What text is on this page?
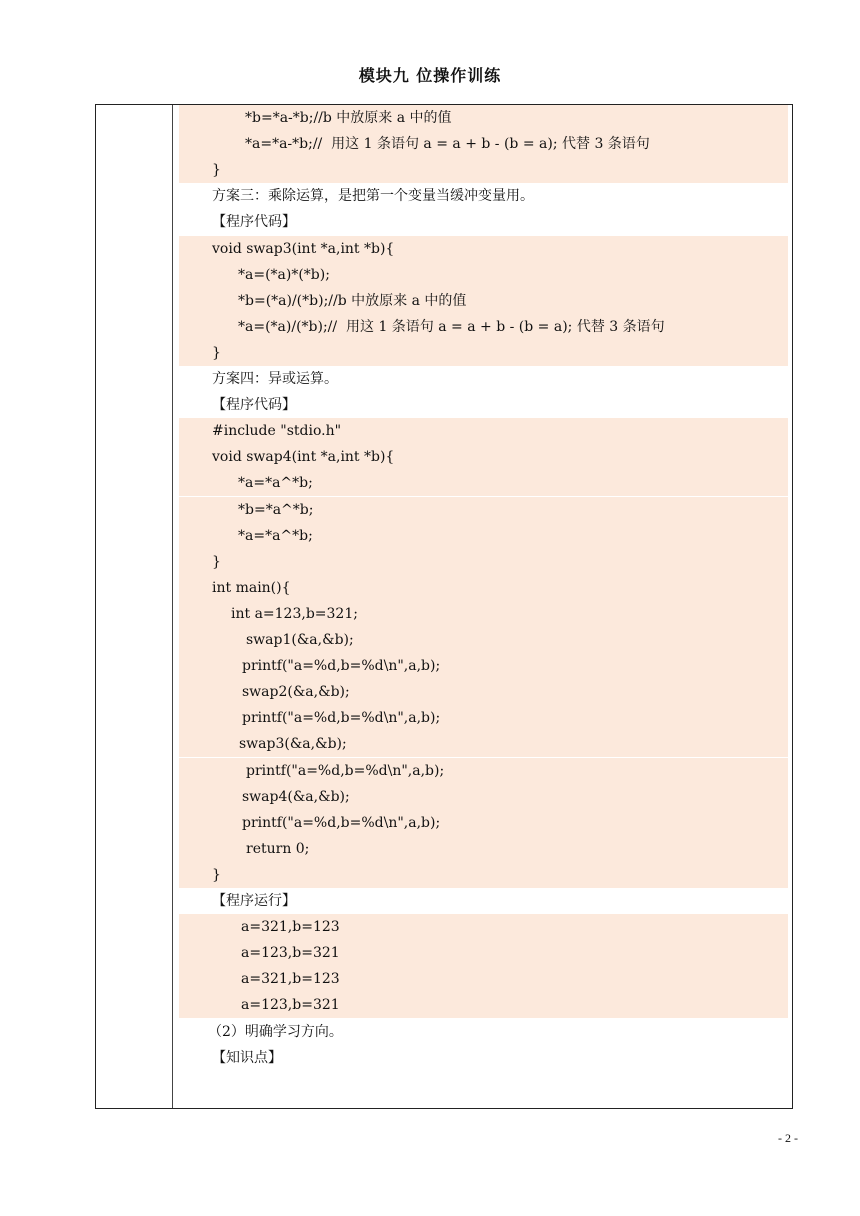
模块九 位操作训练
*b=*a-*b;//b 中放原来 a 中的值
*a=*a-*b;//  用这 1 条语句 a = a + b - (b = a); 代替 3 条语句
}
方案三：乘除运算，是把第一个变量当缓冲变量用。
【程序代码】
void swap3(int *a,int *b){
*a=(*a)*(*b);
*b=(*a)/(*b);//b 中放原来 a 中的值
*a=(*a)/(*b);//  用这 1 条语句 a = a + b - (b = a); 代替 3 条语句
}
方案四：异或运算。
【程序代码】
#include "stdio.h"
void swap4(int *a,int *b){
*a=*a^*b;
*b=*a^*b;
*a=*a^*b;
}
int main(){
int a=123,b=321;
swap1(&a,&b);
printf("a=%d,b=%d\n",a,b);
swap2(&a,&b);
printf("a=%d,b=%d\n",a,b);
swap3(&a,&b);
printf("a=%d,b=%d\n",a,b);
swap4(&a,&b);
printf("a=%d,b=%d\n",a,b);
return 0;
}
【程序运行】
a=321,b=123
a=123,b=321
a=321,b=123
a=123,b=321
（2）明确学习方向。
【知识点】
- 2 -
